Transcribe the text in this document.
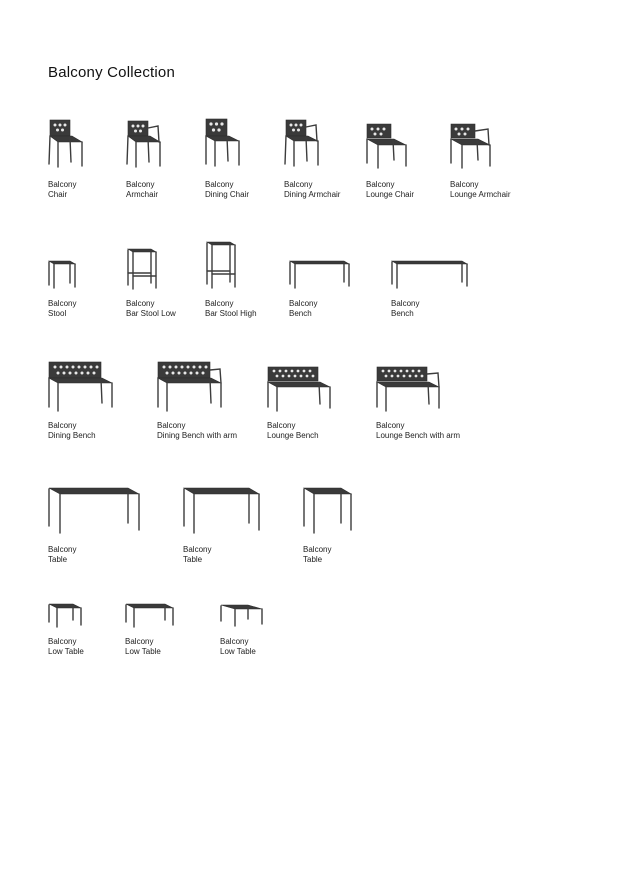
Balcony Collection
Balcony
Chair
Balcony
Armchair
Balcony
Dining Chair
Balcony
Dining Armchair
Balcony
Lounge Chair
Balcony
Lounge Armchair
Balcony
Stool
Balcony
Bar Stool Low
Balcony
Bar Stool High
Balcony
Bench
Balcony
Bench
Balcony
Dining Bench
Balcony
Dining Bench with arm
Balcony
Lounge Bench
Balcony
Lounge Bench with arm
Balcony
Table
Balcony
Table
Balcony
Table
Balcony
Low Table
Balcony
Low Table
Balcony
Low Table
